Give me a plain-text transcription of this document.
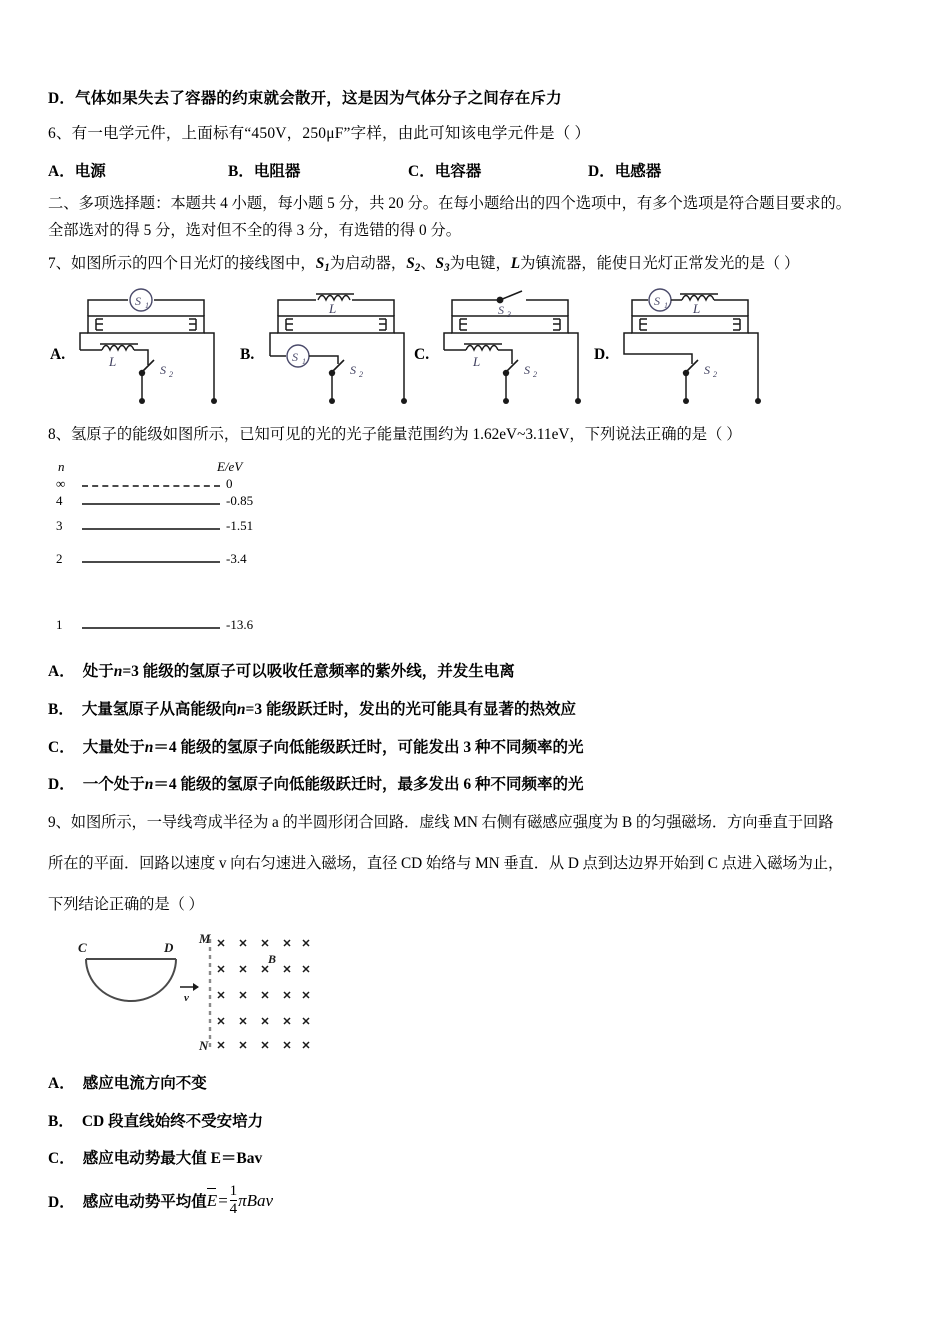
D．气体如果失去了容器的约束就会散开，这是因为气体分子之间存在斥力

6、有一电学元件，上面标有“450V，250μF”字样，由此可知该电学元件是（ ）

A．电源	B．电阻器	C．电容器	D．电感器

二、多项选择题：本题共 4 小题，每小题 5 分，共 20 分。在每小题给出的四个选项中，有多个选项是符合题目要求的。

全部选对的得 5 分，选对但不全的得 3 分，有选错的得 0 分。

7、如图所示的四个日光灯的接线图中，$S_1$为启动器，$S_2$、$S_3$为电键，L为镇流器，能使日光灯正常发光的是（ ）

A.
S 1
L
S 2
B.
L
S 1
S 2
C.
S 3
L
S 2
D.
S 1 L
S 2

8、氢原子的能级如图所示，已知可见的光的光子能量范围约为 1.62eV~3.11eV，下列说法正确的是（ ）

n	E/eV
∞	0
4	-0.85
3	-1.51
2	-3.4
1	-13.6

A． 处于n=3 能级的氢原子可以吸收任意频率的紫外线，并发生电离

B． 大量氢原子从高能级向n=3 能级跃迁时，发出的光可能具有显著的热效应

C． 大量处于n＝4 能级的氢原子向低能级跃迁时，可能发出 3 种不同频率的光

D． 一个处于n＝4 能级的氢原子向低能级跃迁时，最多发出 6 种不同频率的光

9、如图所示，一导线弯成半径为 a 的半圆形闭合回路．虚线 MN 右侧有磁感应强度为 B 的匀强磁场．方向垂直于回路

所在的平面．回路以速度 v 向右匀速进入磁场，直径 CD 始络与 MN 垂直．从 D 点到达边界开始到 C 点进入磁场为止，

下列结论正确的是（ ）

C	D
M
N
B
v

A． 感应电流方向不变

B． CD 段直线始终不受安培力

C． 感应电动势最大值 E＝Bav

D． 感应电动势平均值$E= \frac{1}{4}$ πBav
